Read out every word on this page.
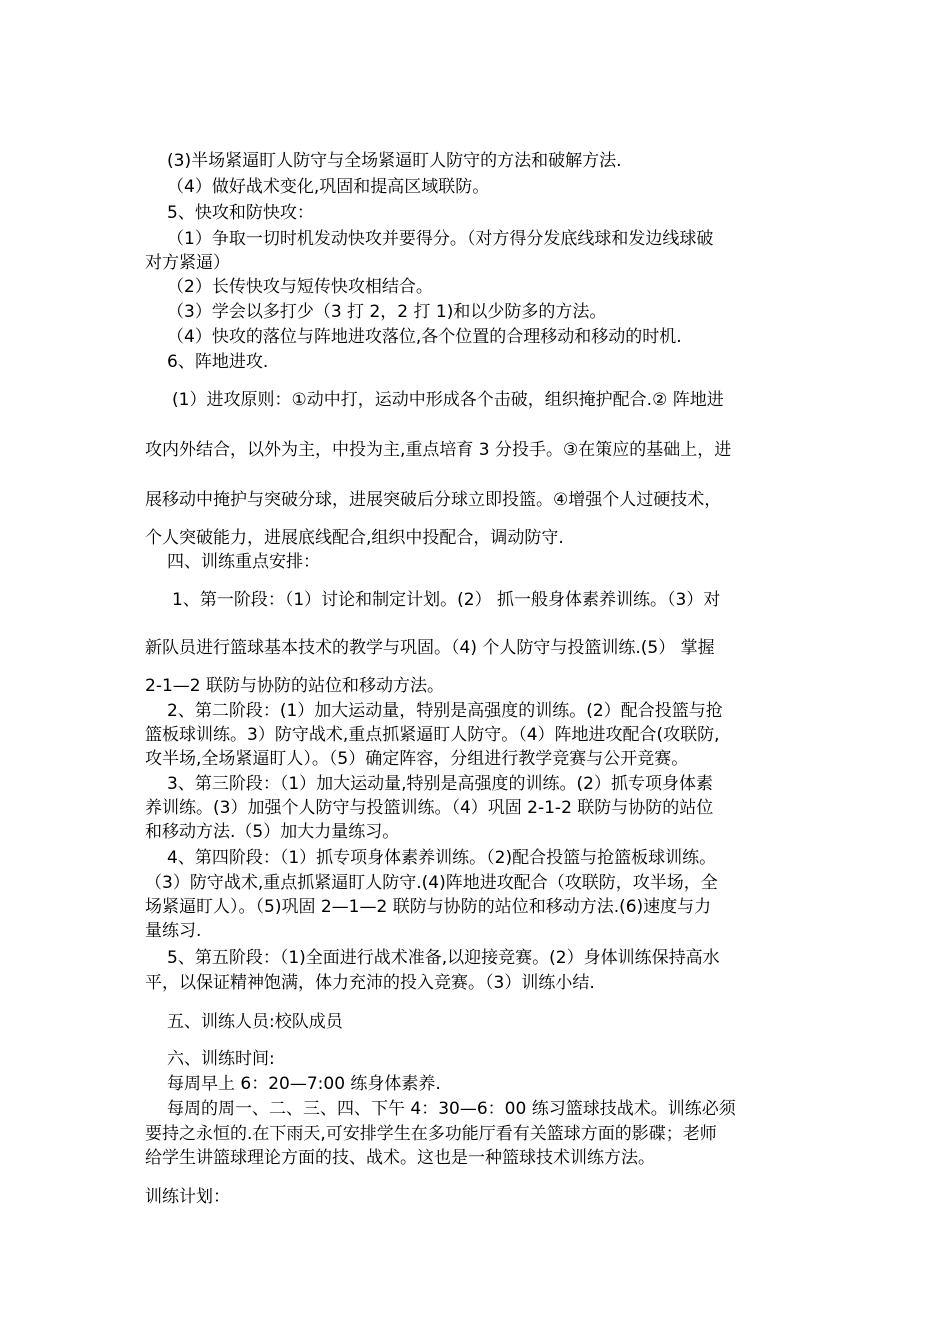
(3)半场紧逼盯人防守与全场紧逼盯人防守的方法和破解方法.
（4）做好战术变化,巩固和提高区域联防。
5、快攻和防快攻：
（1）争取一切时机发动快攻并要得分。（对方得分发底线球和发边线球破
对方紧逼）
（2）长传快攻与短传快攻相结合。
（3）学会以多打少（3 打 2，2 打 1)和以少防多的方法。
（4）快攻的落位与阵地进攻落位,各个位置的合理移动和移动的时机.
6、阵地进攻.
(1）进攻原则：①动中打，运动中形成各个击破，组织掩护配合.② 阵地进
攻内外结合，以外为主，中投为主,重点培育 3 分投手。③在策应的基础上，进
展移动中掩护与突破分球，进展突破后分球立即投篮。④增强个人过硬技术，
个人突破能力，进展底线配合,组织中投配合，调动防守.
四、训练重点安排：
1、第一阶段：（1）讨论和制定计划。(2） 抓一般身体素养训练。（3）对
新队员进行篮球基本技术的教学与巩固。（4) 个人防守与投篮训练.(5） 掌握
2-1—2 联防与协防的站位和移动方法。
2、第二阶段：(1）加大运动量，特别是高强度的训练。(2）配合投篮与抢
篮板球训练。3）防守战术,重点抓紧逼盯人防守。（4）阵地进攻配合(攻联防,
攻半场,全场紧逼盯人）。（5）确定阵容，分组进行教学竞赛与公开竞赛。
3、第三阶段：（1）加大运动量,特别是高强度的训练。(2）抓专项身体素
养训练。(3）加强个人防守与投篮训练。（4）巩固 2-1-2 联防与协防的站位
和移动方法.（5）加大力量练习。
4、第四阶段：（1）抓专项身体素养训练。（2)配合投篮与抢篮板球训练。
（3）防守战术,重点抓紧逼盯人防守.(4)阵地进攻配合（攻联防，攻半场，全
场紧逼盯人）。（5)巩固 2—1—2 联防与协防的站位和移动方法.(6)速度与力
量练习.
5、第五阶段：（1)全面进行战术准备,以迎接竞赛。(2）身体训练保持高水
平，以保证精神饱满，体力充沛的投入竞赛。（3）训练小结.
五、训练人员:校队成员
六、训练时间:
每周早上 6：20—7:00 练身体素养.
每周的周一、二、三、四、下午 4：30—6：00 练习篮球技战术。训练必须
要持之永恒的.在下雨天,可安排学生在多功能厅看有关篮球方面的影碟；老师
给学生讲篮球理论方面的技、战术。这也是一种篮球技术训练方法。
训练计划：
